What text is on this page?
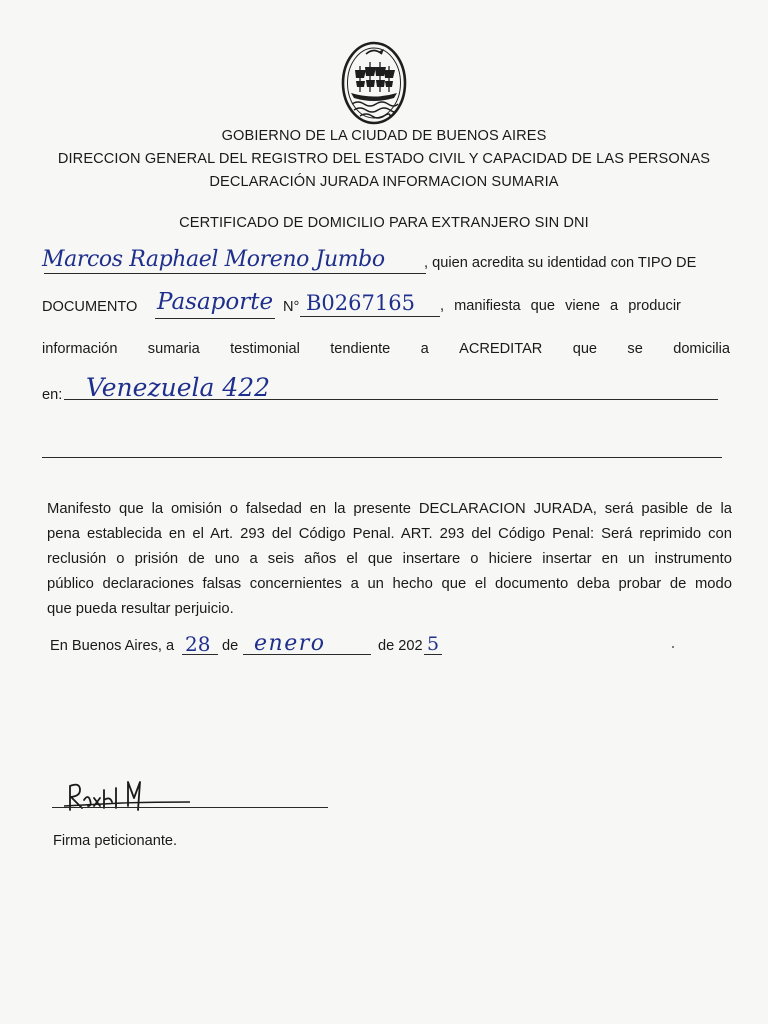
GOBIERNO DE LA CIUDAD DE BUENOS AIRES
DIRECCION GENERAL DEL REGISTRO DEL ESTADO CIVIL Y CAPACIDAD DE LAS PERSONAS
DECLARACIÓN JURADA INFORMACION SUMARIA
CERTIFICADO DE DOMICILIO PARA EXTRANJERO SIN DNI
Marcos Raphael Moreno Jumbo	, quien acredita su identidad con TIPO DE
DOCUMENTO Pasaporte N° B0267165 , manifiesta que viene a producir
información sumaria testimonial tendiente a ACREDITAR que se domicilia
en: Venezuela 422
Manifesto que la omisión o falsedad en la presente DECLARACION JURADA, será pasible de la
pena establecida en el Art. 293 del Código Penal. ART. 293 del Código Penal: Será reprimido con
reclusión o prisión de uno a seis años el que insertare o hiciere insertar en un instrumento
público declaraciones falsas concernientes a un hecho que el documento deba probar de modo
que pueda resultar perjuicio.
En Buenos Aires, a 28 de enero	de 202 5
Firma peticionante.
